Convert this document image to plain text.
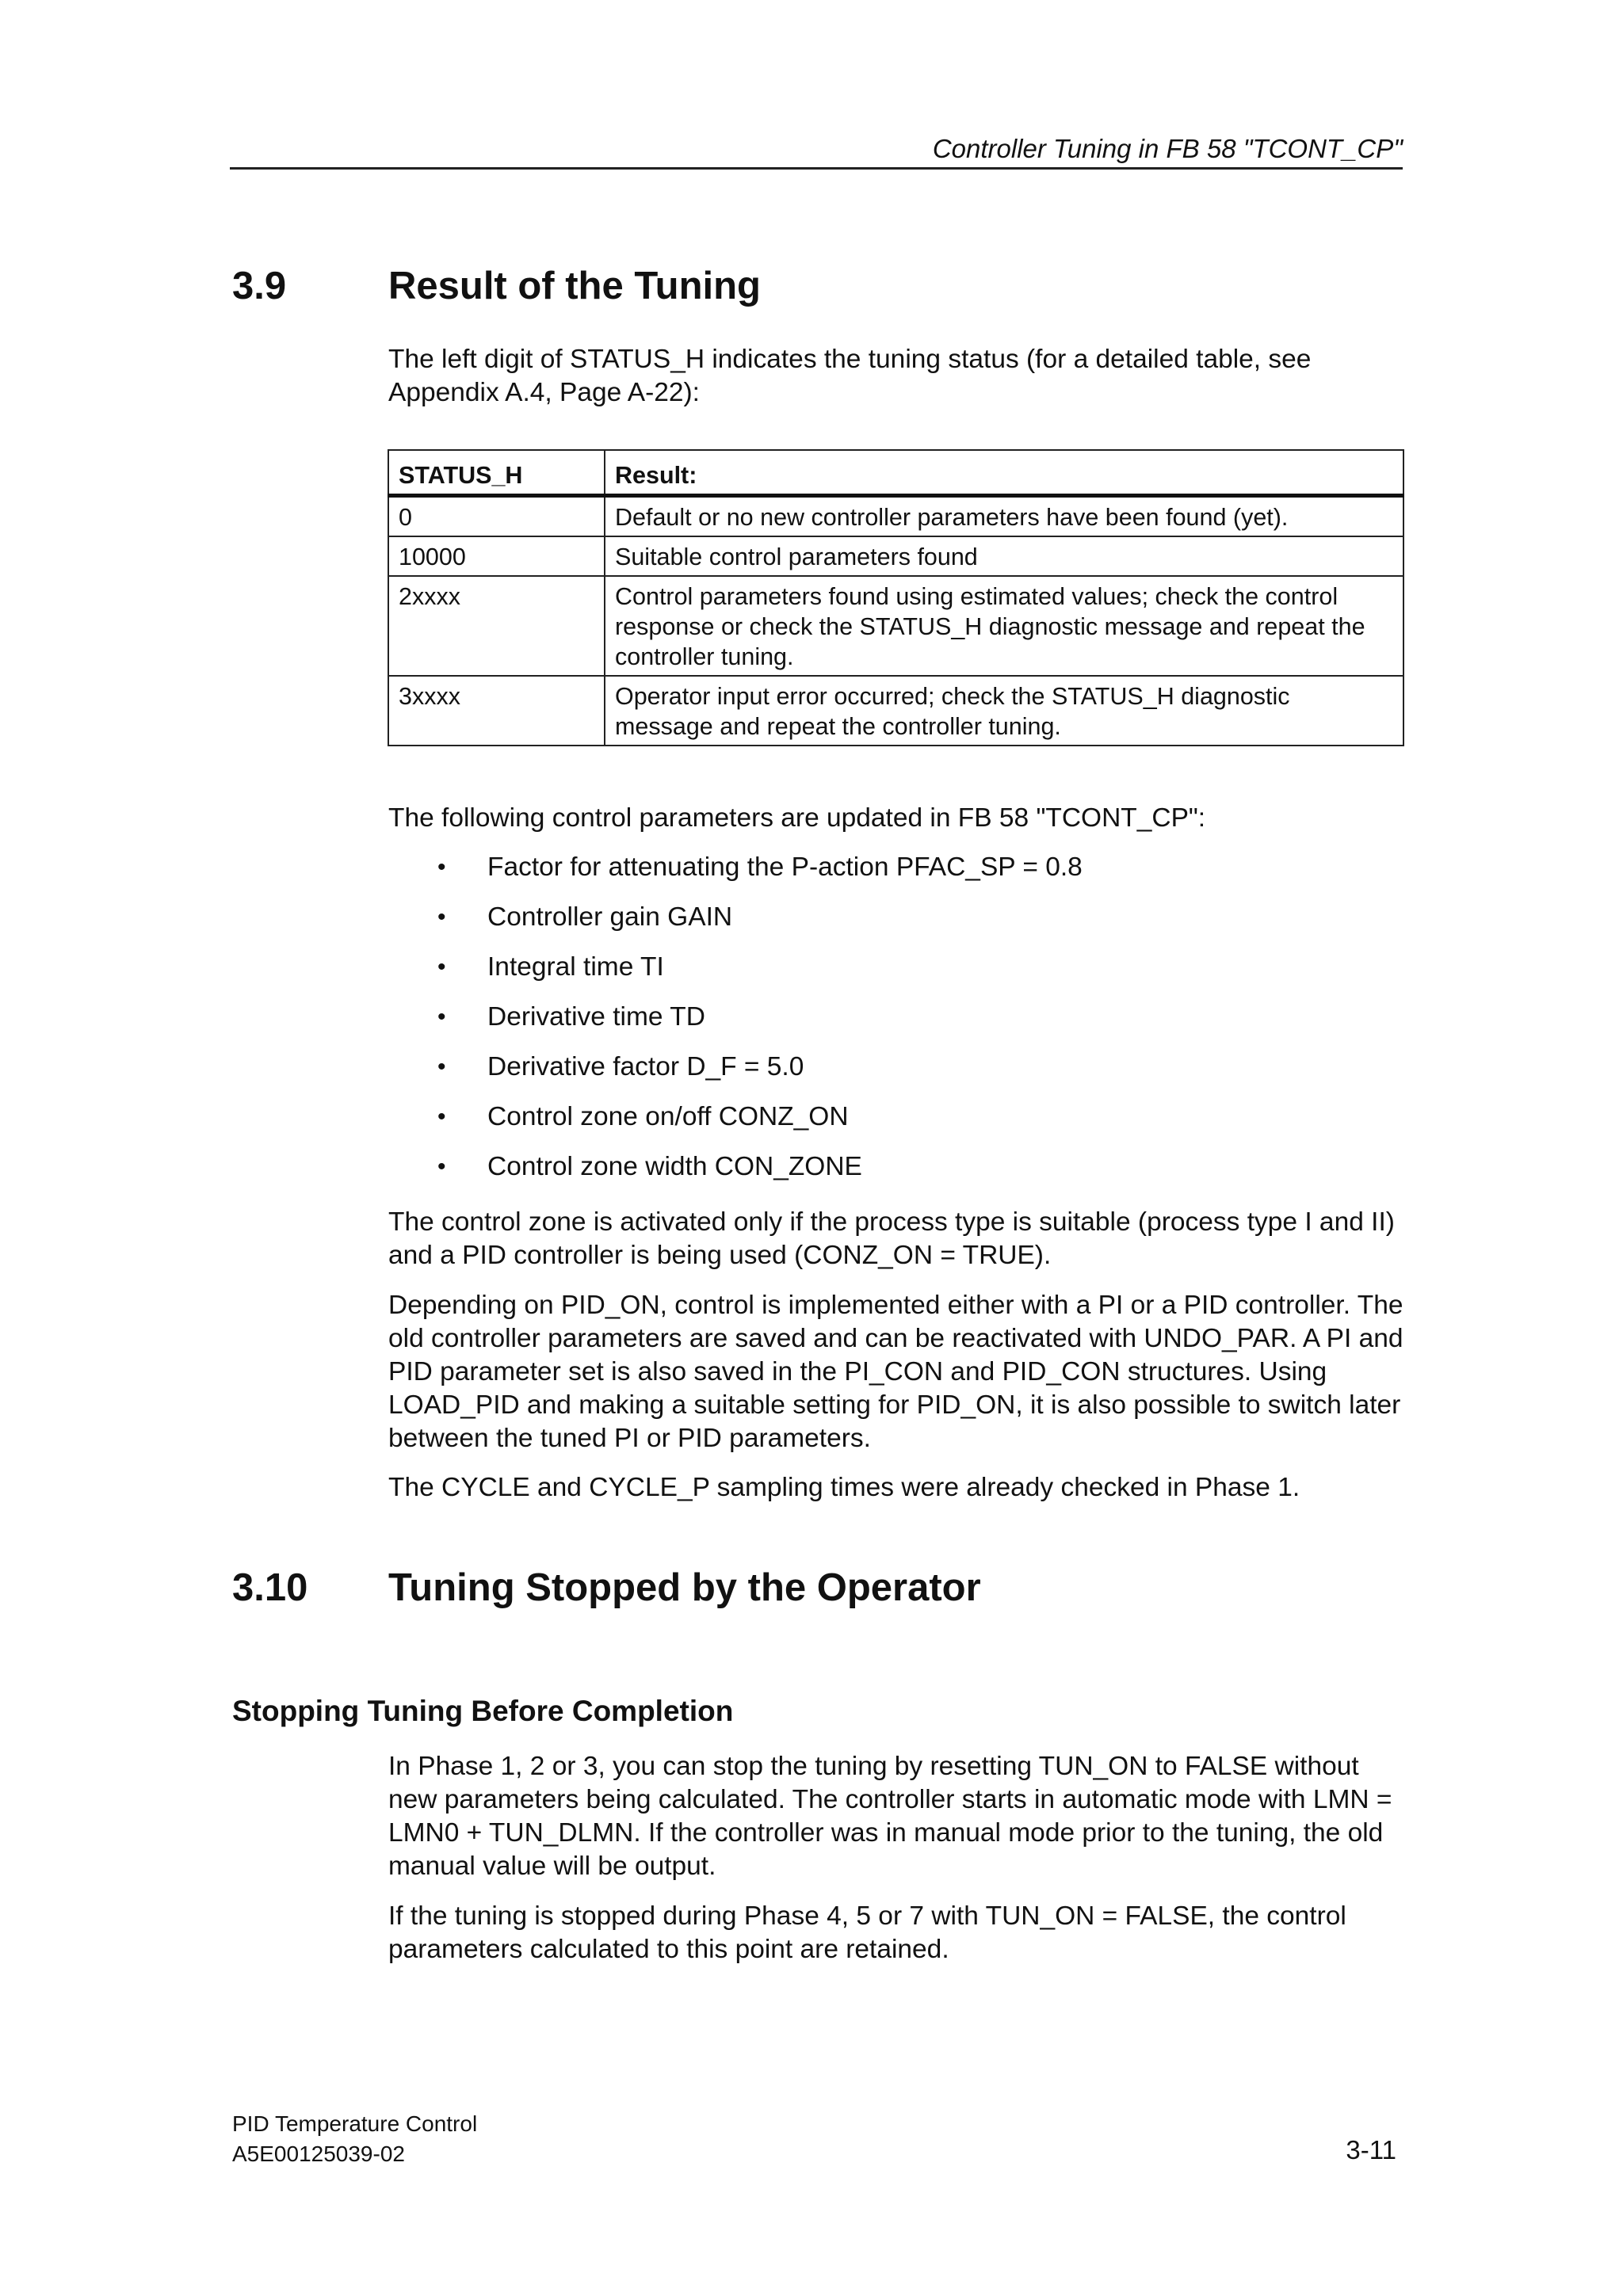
Controller Tuning in FB 58 "TCONT_CP"
3.9	Result of the Tuning

The left digit of STATUS_H indicates the tuning status (for a detailed table, see Appendix A.4, Page A-22):

STATUS_H	Result:
0	Default or no new controller parameters have been found (yet).
10000	Suitable control parameters found
2xxxx	Control parameters found using estimated values; check the control response or check the STATUS_H diagnostic message and repeat the controller tuning.
3xxxx	Operator input error occurred; check the STATUS_H diagnostic message and repeat the controller tuning.

The following control parameters are updated in FB 58 "TCONT_CP":

• Factor for attenuating the P-action PFAC_SP = 0.8
• Controller gain GAIN
• Integral time TI
• Derivative time TD
• Derivative factor D_F = 5.0
• Control zone on/off CONZ_ON
• Control zone width CON_ZONE

The control zone is activated only if the process type is suitable (process type I and II) and a PID controller is being used (CONZ_ON = TRUE).

Depending on PID_ON, control is implemented either with a PI or a PID controller. The old controller parameters are saved and can be reactivated with UNDO_PAR. A PI and PID parameter set is also saved in the PI_CON and PID_CON structures. Using LOAD_PID and making a suitable setting for PID_ON, it is also possible to switch later between the tuned PI or PID parameters.

The CYCLE and CYCLE_P sampling times were already checked in Phase 1.

3.10 Tuning Stopped by the Operator
Stopping Tuning Before Completion

In Phase 1, 2 or 3, you can stop the tuning by resetting TUN_ON to FALSE without new parameters being calculated. The controller starts in automatic mode with LMN = LMN0 + TUN_DLMN. If the controller was in manual mode prior to the tuning, the old manual value will be output.

If the tuning is stopped during Phase 4, 5 or 7 with TUN_ON = FALSE, the control parameters calculated to this point are retained.

PID Temperature Control
A5E00125039-02	3-11
